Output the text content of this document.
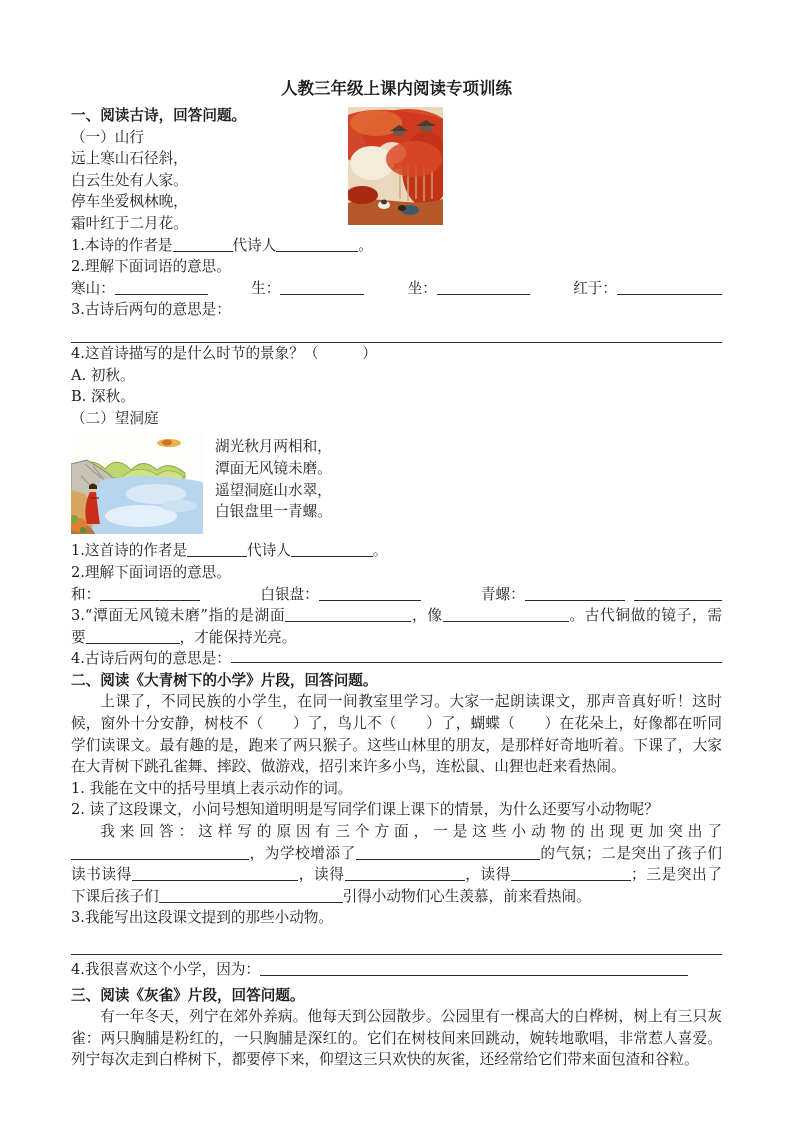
人教三年级上课内阅读专项训练
一、阅读古诗，回答问题。
（一）山行
远上寒山石径斜，
白云生处有人家。
停车坐爱枫林晚，
霜叶红于二月花。
1.本诗的作者是	代诗人	。
2.理解下面词语的意思。
寒山：	生：	坐：	红于：
3.古诗后两句的意思是：
4.这首诗描写的是什么时节的景象？（　　　）
A. 初秋。
B. 深秋。
（二）望洞庭
湖光秋月两相和，
潭面无风镜未磨。
遥望洞庭山水翠，
白银盘里一青螺。
1.这首诗的作者是	代诗人	。
2.理解下面词语的意思。
和：	白银盘：	青螺：
3.“潭面无风镜未磨”指的是湖面	，像	。古代铜做的镜子，需
要	，才能保持光亮。
4.古诗后两句的意思是：
二、阅读《大青树下的小学》片段，回答问题。

上课了，不同民族的小学生，在同一间教室里学习。大家一起朗读课文，那声音真好听！这时候，窗外十分安静，树枝不（　　）了，鸟儿不（　　）了，蝴蝶（　　）在花朵上，好像都在听同学们读课文。最有趣的是，跑来了两只猴子。这些山林里的朋友，是那样好奇地听着。下课了，大家在大青树下跳孔雀舞、摔跤、做游戏，招引来许多小鸟，连松鼠、山狸也赶来看热闹。

1. 我能在文中的括号里填上表示动作的词。
2. 读了这段课文，小问号想知道明明是写同学们课上课下的情景，为什么还要写小动物呢？

我来回答：这样写的原因有三个方面，一是这些小动物的出现更加突出了，为学校增添了	的气氛；二是突出了孩子们读书读得	，读得	，读得	；三是突出了下课后孩子们	引得小动物们心生羡慕，前来看热闹。

3.我能写出这段课文提到的那些小动物。
4.我很喜欢这个小学，因为：
三、阅读《灰雀》片段，回答问题。

有一年冬天，列宁在郊外养病。他每天到公园散步。公园里有一棵高大的白桦树，树上有三只灰雀：两只胸脯是粉红的，一只胸脯是深红的。它们在树枝间来回跳动，婉转地歌唱，非常惹人喜爱。列宁每次走到白桦树下，都要停下来，仰望这三只欢快的灰雀，还经常给它们带来面包渣和谷粒。
